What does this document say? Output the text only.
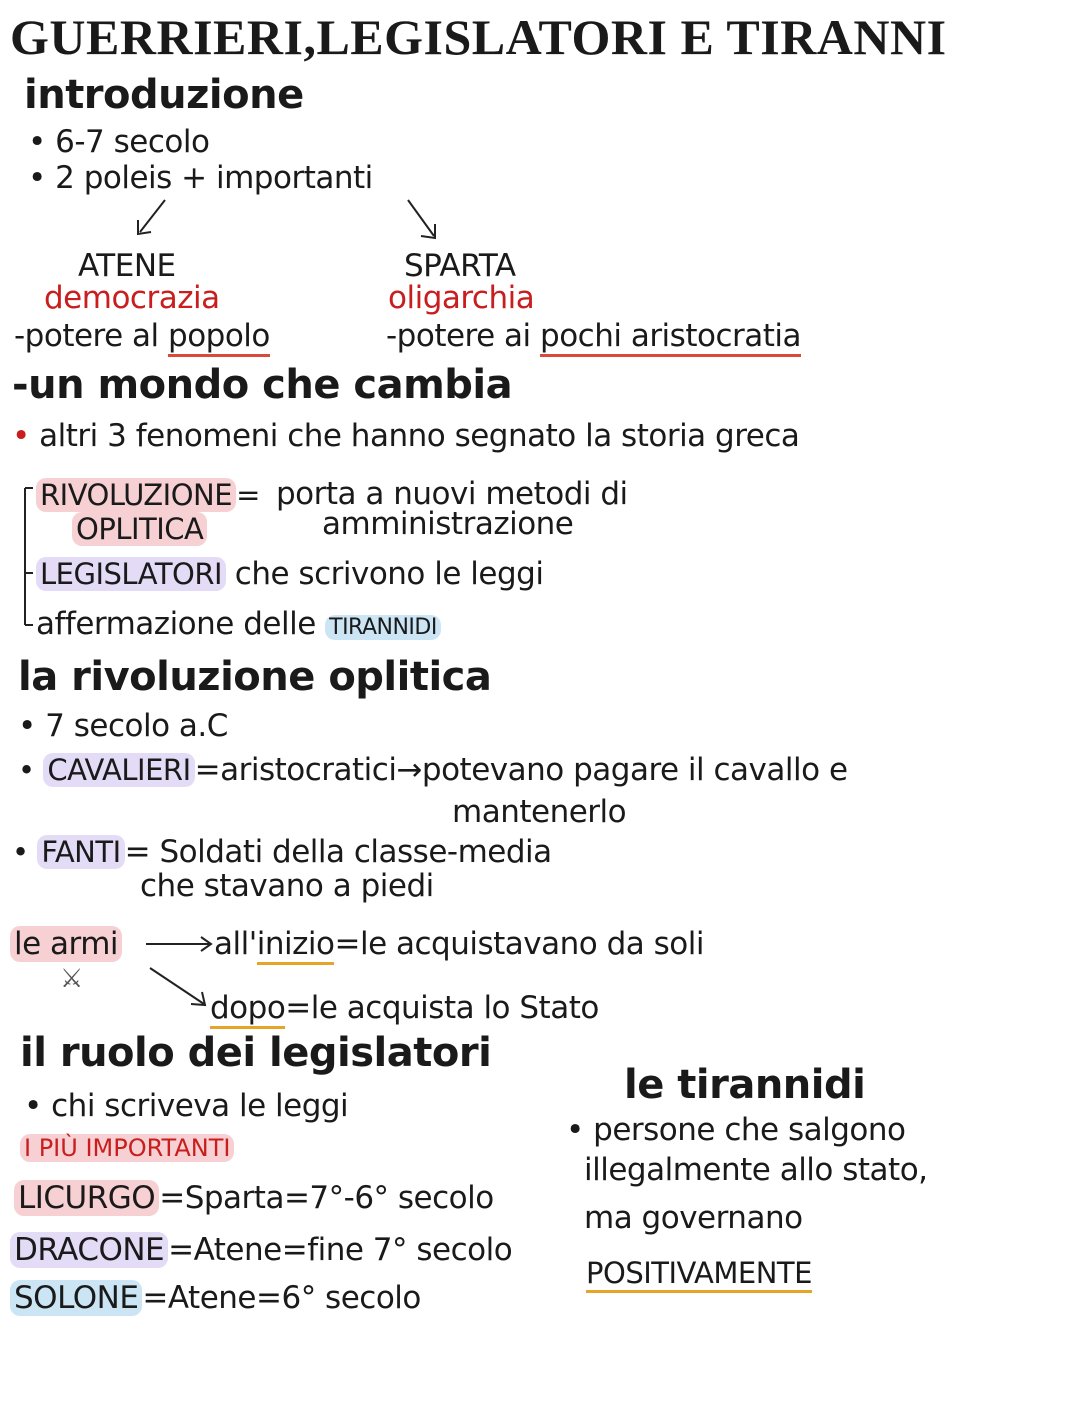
GUERRIERI,LEGISLATORI E TIRANNI
introduzione
• 6-7 secolo
• 2 poleis + importanti
ATENE
democrazia
-potere al popolo
SPARTA
oligarchia
-potere ai pochi aristocratia
-un mondo che cambia
• altri 3 fenomeni che hanno segnato la storia greca
RIVOLUZIONE =
OPLITICA
porta a nuovi metodi di
amministrazione
LEGISLATORI che scrivono le leggi
affermazione delle TIRANNIDI
la rivoluzione oplitica
• 7 secolo a.C
• CAVALIERI =aristocratici→potevano pagare il cavallo e
mantenerlo
• FANTI = Soldati della classe-media
che stavano a piedi
le armi
⚔
all'inizio=le acquistavano da soli
dopo=le acquista lo Stato
il ruolo dei legislatori
• chi scriveva le leggi
I PIÙ IMPORTANTI
LICURGO =Sparta=7°-6° secolo
DRACONE =Atene=fine 7° secolo
SOLONE =Atene=6° secolo
le tirannidi
• persone che salgono
illegalmente allo stato,
ma governano
POSITIVAMENTE
